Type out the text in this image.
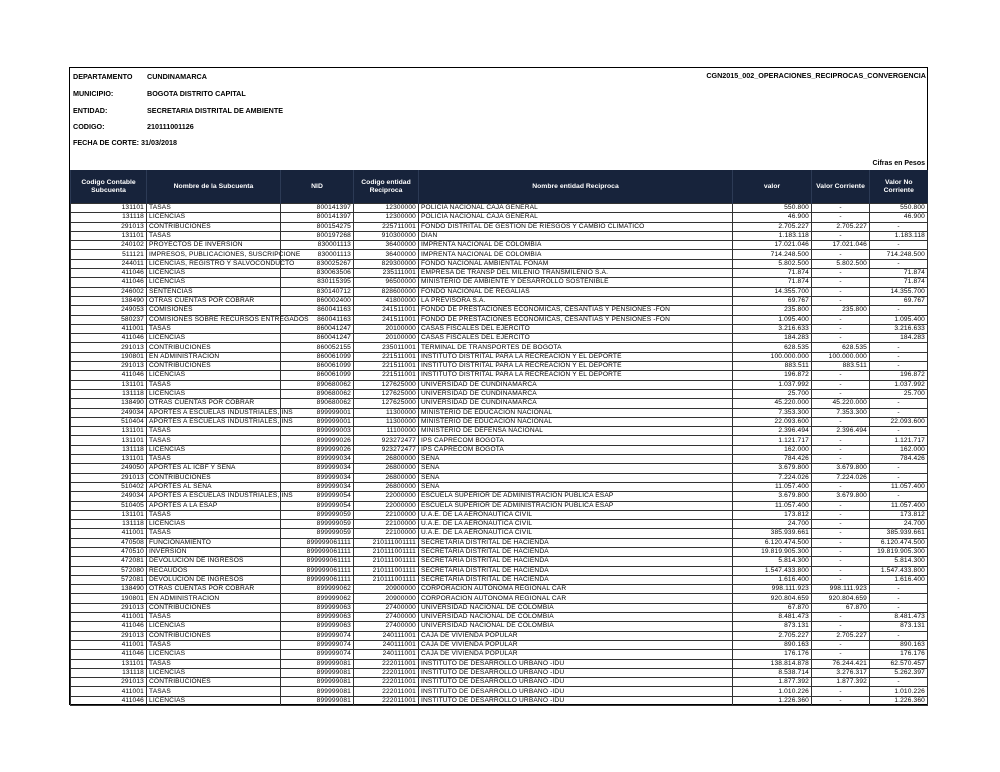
DEPARTAMENTO CUNDINAMARCA
MUNICIPIO:	BOGOTA DISTRITO CAPITAL
ENTIDAD:	SECRETARIA DISTRITAL DE AMBIENTE
CODIGO:	210111001126
FECHA DE CORTE: 31/03/2018
CGN2015_002_OPERACIONES_RECIPROCAS_CONVERGENCIA
Cifras en Pesos
Codigo Contable Subcuenta	Nombre de la Subcuenta	NID	Codigo entidad Reciproca	Nombre entidad Reciproca	valor	Valor Corriente	Valor No Corriente
131101	TASAS	800141397	12300000	POLICIA NACIONAL CAJA GENERAL	550.800	-	550.800
131118	LICENCIAS	800141397	12300000	POLICIA NACIONAL CAJA GENERAL	46.900	-	46.900
291013	CONTRIBUCIONES	800154275	225711001	FONDO DISTRITAL DE GESTION DE RIESGOS Y CAMBIO CLIMATICO	2.705.227	2.705.227	-
131101	TASAS	800197268	910300000	DIAN	1.183.118	-	1.183.118
240102	PROYECTOS DE INVERSION	830001113	36400000	IMPRENTA NACIONAL DE COLOMBIA	17.021.046	17.021.046	-
511121	IMPRESOS, PUBLICACIONES, SUSCRIPCIONE	830001113	36400000	IMPRENTA NACIONAL DE COLOMBIA	714.248.500	-	714.248.500
244011	LICENCIAS, REGISTRO Y SALVOCONDUCTO	830025267	829300000	FONDO NACIONAL AMBIENTAL FONAM	5.802.500	5.802.500	-
411046	LICENCIAS	830063506	235111001	EMPRESA DE TRANSP DEL MILENIO TRANSMILENIO S.A.	71.874	-	71.874
411046	LICENCIAS	830115395	96500000	MINISTERIO DE AMBIENTE Y DESARROLLO SOSTENIBLE	71.874	-	71.874
246002	SENTENCIAS	830140712	828600000	FONDO NACIONAL DE REGALIAS	14.355.700	-	14.355.700
138490	OTRAS CUENTAS POR COBRAR	860002400	41800000	LA PREVISORA S.A.	69.767	-	69.767
249053	COMISIONES	860041163	241511001	FONDO DE PRESTACIONES ECONOMICAS, CESANTIAS Y PENSIONES -FON	235.800	235.800	-
580237	COMISIONES SOBRE RECURSOS ENTREGADOS	860041163	241511001	FONDO DE PRESTACIONES ECONOMICAS, CESANTIAS Y PENSIONES -FON	1.095.400	-	1.095.400
411001	TASAS	860041247	20100000	CASAS FISCALES DEL EJERCITO	3.216.633	-	3.216.633
411046	LICENCIAS	860041247	20100000	CASAS FISCALES DEL EJERCITO	184.283	-	184.283
291013	CONTRIBUCIONES	860052155	235011001	TERMINAL DE TRANSPORTES DE BOGOTA	628.535	628.535	-
190801	EN ADMINISTRACION	860061099	221511001	INSTITUTO DISTRITAL PARA LA RECREACION Y EL DEPORTE	100.000.000	100.000.000	-
291013	CONTRIBUCIONES	860061099	221511001	INSTITUTO DISTRITAL PARA LA RECREACION Y EL DEPORTE	883.511	883.511	-
411046	LICENCIAS	860061099	221511001	INSTITUTO DISTRITAL PARA LA RECREACION Y EL DEPORTE	196.872	-	196.872
131101	TASAS	890680062	127625000	UNIVERSIDAD DE CUNDINAMARCA	1.037.992	-	1.037.992
131118	LICENCIAS	890680062	127625000	UNIVERSIDAD DE CUNDINAMARCA	25.700	-	25.700
138490	OTRAS CUENTAS POR COBRAR	890680062	127625000	UNIVERSIDAD DE CUNDINAMARCA	45.220.000	45.220.000	-
249034	APORTES A ESCUELAS INDUSTRIALES, INS	899999001	11300000	MINISTERIO DE EDUCACION NACIONAL	7.353.300	7.353.300	-
510404	APORTES A ESCUELAS INDUSTRIALES, INS	899999001	11300000	MINISTERIO DE EDUCACION NACIONAL	22.093.600	-	22.093.600
131101	TASAS	899999003	11100000	MINISTERIO DE DEFENSA NACIONAL	2.396.494	2.396.494	-
131101	TASAS	899999026	923272477	IPS CAPRECOM BOGOTA	1.121.717	-	1.121.717
131118	LICENCIAS	899999026	923272477	IPS CAPRECOM BOGOTA	162.000	-	162.000
131101	TASAS	899999034	26800000	SENA	784.426	-	784.426
249050	APORTES AL ICBF Y SENA	899999034	26800000	SENA	3.679.800	3.679.800	-
291013	CONTRIBUCIONES	899999034	26800000	SENA	7.224.026	7.224.026	-
510402	APORTES AL SENA	899999034	26800000	SENA	11.057.400	-	11.057.400
249034	APORTES A ESCUELAS INDUSTRIALES, INS	899999054	22000000	ESCUELA SUPERIOR DE ADMINISTRACION PUBLICA ESAP	3.679.800	3.679.800	-
510405	APORTES A LA ESAP	899999054	22000000	ESCUELA SUPERIOR DE ADMINISTRACION PUBLICA ESAP	11.057.400	-	11.057.400
131101	TASAS	899999059	22100000	U.A.E. DE LA AERONAUTICA CIVIL	173.812	-	173.812
131118	LICENCIAS	899999059	22100000	U.A.E. DE LA AERONAUTICA CIVIL	24.700	-	24.700
411001	TASAS	899999059	22100000	U.A.E. DE LA AERONAUTICA CIVIL	385.939.661	-	385.939.661
470508	FUNCIONAMIENTO	899999061111	210111001111	SECRETARIA DISTRITAL DE HACIENDA	6.120.474.500	-	6.120.474.500
470510	INVERSION	899999061111	210111001111	SECRETARIA DISTRITAL DE HACIENDA	19.819.905.300	-	19.819.905.300
472081	DEVOLUCION DE INGRESOS	899999061111	210111001111	SECRETARIA DISTRITAL DE HACIENDA	5.814.300	-	5.814.300
572080	RECAUDOS	899999061111	210111001111	SECRETARIA DISTRITAL DE HACIENDA	1.547.433.800	-	1.547.433.800
572081	DEVOLUCION DE INGRESOS	899999061111	210111001111	SECRETARIA DISTRITAL DE HACIENDA	1.616.400	-	1.616.400
138490	OTRAS CUENTAS POR COBRAR	899999062	20900000	CORPORACION AUTONOMA REGIONAL CAR	998.111.923	998.111.923	-
190801	EN ADMINISTRACION	899999062	20900000	CORPORACION AUTONOMA REGIONAL CAR	920.804.659	920.804.659	-
291013	CONTRIBUCIONES	899999063	27400000	UNIVERSIDAD NACIONAL DE COLOMBIA	67.870	67.870	-
411001	TASAS	899999063	27400000	UNIVERSIDAD NACIONAL DE COLOMBIA	8.481.473	-	8.481.473
411046	LICENCIAS	899999063	27400000	UNIVERSIDAD NACIONAL DE COLOMBIA	873.131	-	873.131
291013	CONTRIBUCIONES	899999074	240111001	CAJA DE VIVIENDA POPULAR	2.705.227	2.705.227	-
411001	TASAS	899999074	240111001	CAJA DE VIVIENDA POPULAR	890.163	-	890.163
411046	LICENCIAS	899999074	240111001	CAJA DE VIVIENDA POPULAR	176.176	-	176.176
131101	TASAS	899999081	222011001	INSTITUTO DE DESARROLLO URBANO -IDU	138.814.878	76.244.421	62.570.457
131118	LICENCIAS	899999081	222011001	INSTITUTO DE DESARROLLO URBANO -IDU	8.538.714	3.276.317	5.262.397
291013	CONTRIBUCIONES	899999081	222011001	INSTITUTO DE DESARROLLO URBANO -IDU	1.877.392	1.877.392	-
411001	TASAS	899999081	222011001	INSTITUTO DE DESARROLLO URBANO -IDU	1.010.226	-	1.010.226
411046	LICENCIAS	899999081	222011001	INSTITUTO DE DESARROLLO URBANO -IDU	1.226.360	-	1.226.360
